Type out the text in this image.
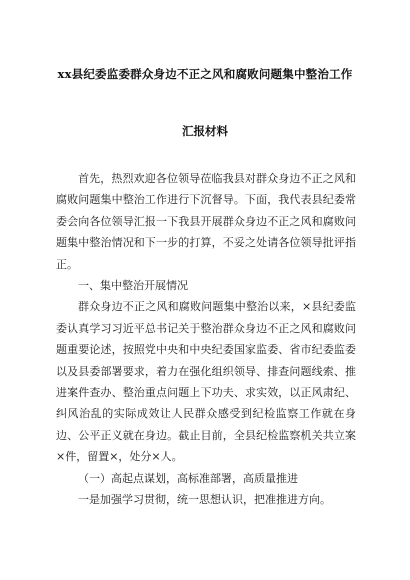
xx县纪委监委群众身边不正之风和腐败问题集中整治工作
汇报材料

首先，热烈欢迎各位领导莅临我县对群众身边不正之风和腐败问题集中整治工作进行下沉督导。下面，我代表县纪委常委会向各位领导汇报一下我县开展群众身边不正之风和腐败问题集中整治情况和下一步的打算，不妥之处请各位领导批评指正。

一、集中整治开展情况

群众身边不正之风和腐败问题集中整治以来，×县纪委监委认真学习习近平总书记关于整治群众身边不正之风和腐败问题重要论述，按照党中央和中央纪委国家监委、省市纪委监委以及县委部署要求，着力在强化组织领导、排查问题线索、推进案件查办、整治重点问题上下功夫、求实效，以正风肃纪、纠风治乱的实际成效让人民群众感受到纪检监察工作就在身边、公平正义就在身边。截止目前，全县纪检监察机关共立案×件，留置×，处分×人。

（一）高起点谋划，高标准部署，高质量推进

一是加强学习贯彻，统一思想认识，把准推进方向。
